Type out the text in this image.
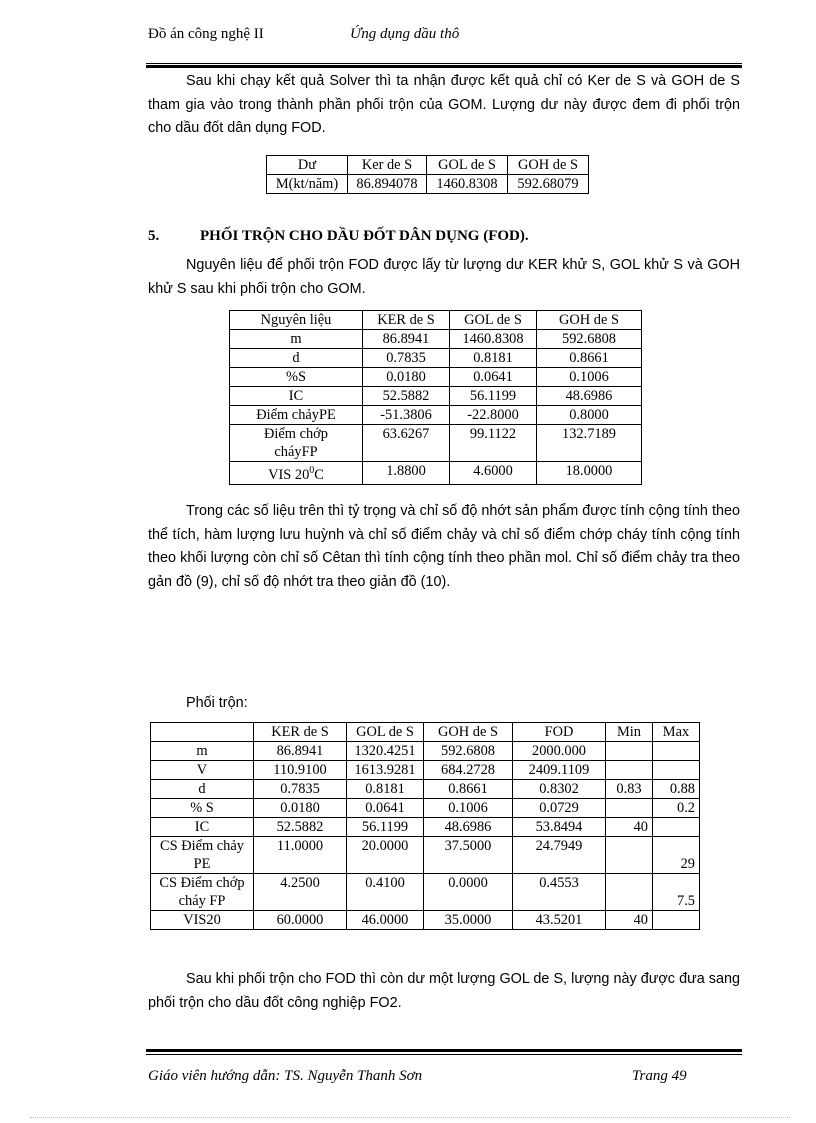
Đồ án công nghệ II	Ứng dụng dầu thô

Sau khi chạy kết quả Solver thì ta nhận được kết quả chỉ có Ker de S và GOH de S tham gia vào trong thành phần phối trộn của GOM. Lượng dư này được đem đi phối trộn cho dầu đốt dân dụng FOD.

Dư	Ker de S	GOL de S	GOH de S
M(kt/năm)	86.894078	1460.8308	592.68079
5.	PHỐI TRỘN CHO DẦU ĐỐT DÂN DỤNG (FOD).

Nguyên liệu để phối trộn FOD được lấy từ lượng dư KER khử S, GOL khử S và GOH khử S sau khi phối trộn cho GOM.

Nguyên liệu	KER de S	GOL de S	GOH de S
m	86.8941	1460.8308	592.6808
d	0.7835	0.8181	0.8661
%S	0.0180	0.0641	0.1006
IC	52.5882	56.1199	48.6986
Điểm chảyPE	-51.3806	-22.8000	0.8000
Điểm chớp cháyFP	63.6267	99.1122	132.7189
VIS $20^0C$	1.8800	4.6000	18.0000

Trong các số liệu trên thì tỷ trọng và chỉ số độ nhớt sản phẩm được tính cộng tính theo thể tích, hàm lượng lưu huỳnh và chỉ số điểm chảy và chỉ số điểm chớp cháy tính cộng tính theo khối lượng còn chỉ số Cêtan thì tính cộng tính theo phần mol. Chỉ số điểm chảy tra theo gản đồ (9), chỉ số độ nhớt tra theo giản đồ (10).

Phối trộn:
	KER de S	GOL de S	GOH de S	FOD	Min	Max
m	86.8941	1320.4251	592.6808	2000.000		
V	110.9100	1613.9281	684.2728	2409.1109		
d	0.7835	0.8181	0.8661	0.8302	0.83	0.88
% S	0.0180	0.0641	0.1006	0.0729		0.2
IC	52.5882	56.1199	48.6986	53.8494	40	
CS Điểm chảy PE	11.0000	20.0000	37.5000	24.7949		29
CS Điểm chớp cháy FP	4.2500	0.4100	0.0000	0.4553		7.5
VIS20	60.0000	46.0000	35.0000	43.5201	40	

Sau khi phối trộn cho FOD thì còn dư một lượng GOL de S, lượng này được đưa sang phối trộn cho dầu đốt công nghiệp FO2.

Giáo viên hướng dẫn: TS. Nguyễn Thanh Sơn	Trang 49
